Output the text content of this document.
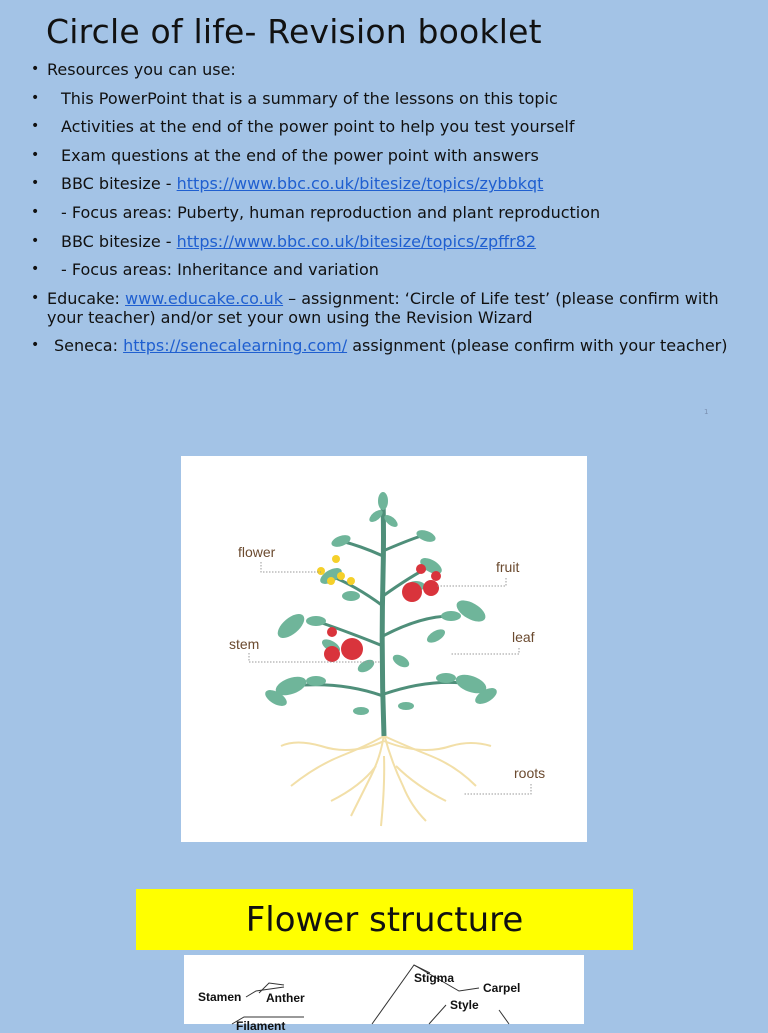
Circle of life- Revision booklet
• Resources you can use:
• This PowerPoint that is a summary of the lessons on this topic
• Activities at the end of the power point to help you test yourself
• Exam questions at the end of the power point with answers
• BBC bitesize - https://www.bbc.co.uk/bitesize/topics/zybbkqt
• - Focus areas: Puberty, human reproduction and plant reproduction
• BBC bitesize - https://www.bbc.co.uk/bitesize/topics/zpffr82
• - Focus areas: Inheritance and variation
• Educake: www.educake.co.uk – assignment: ‘Circle of Life test’ (please confirm with your teacher) and/or set your own using the Revision Wizard
• Seneca: https://senecalearning.com/ assignment (please confirm with your teacher)
1
flower
fruit
stem	leaf
roots
Flower structure
Stamen Anther
Filament
Stigma
Carpel
Style
